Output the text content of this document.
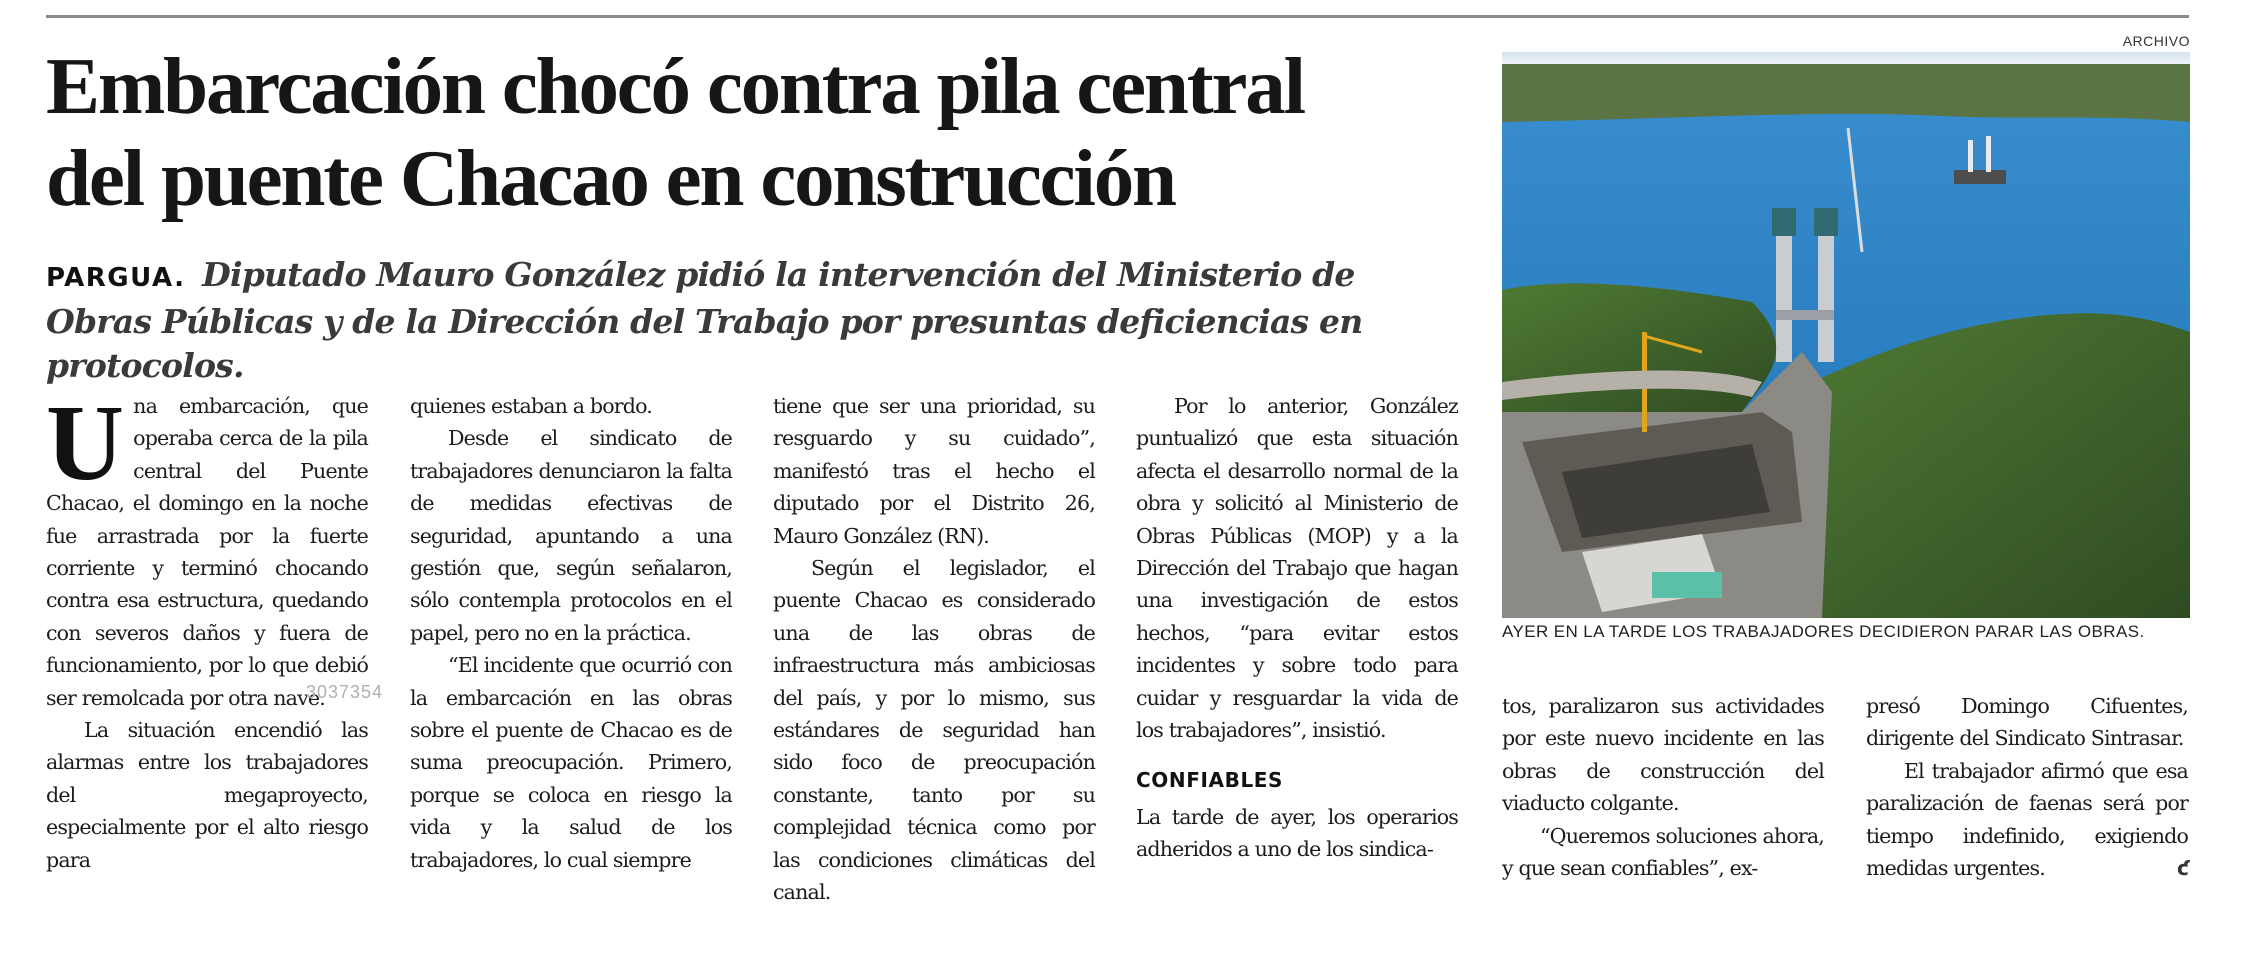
ARCHIVO
Embarcación chocó contra pila central
del puente Chacao en construcción

PARGUA. Diputado Mauro González pidió la intervención del Ministerio de Obras Públicas y de la Dirección del Trabajo por presuntas deficiencias en protocolos.

Una embarcación, que operaba cerca de la pila central del Puente Chacao, el domingo en la noche fue arrastrada por la fuerte corriente y terminó chocando contra esa estructura, quedando con severos daños y fuera de funcionamiento, por lo que debió ser remolcada por otra nave.

La situación encendió las alarmas entre los trabajadores del megaproyecto, especialmente por el alto riesgo para

quienes estaban a bordo.

Desde el sindicato de trabajadores denunciaron la falta de medidas efectivas de seguridad, apuntando a una gestión que, según señalaron, sólo contempla protocolos en el papel, pero no en la práctica.

“El incidente que ocurrió con la embarcación en las obras sobre el puente de Chacao es de suma preocupación. Primero, porque se coloca en riesgo la vida y la salud de los trabajadores, lo cual siempre

tiene que ser una prioridad, su resguardo y su cuidado”, manifestó tras el hecho el diputado por el Distrito 26, Mauro González (RN).

Según el legislador, el puente Chacao es considerado una de las obras de infraestructura más ambiciosas del país, y por lo mismo, sus estándares de seguridad han sido foco de preocupación constante, tanto por su complejidad técnica como por las condiciones climáticas del canal.

Por lo anterior, González puntualizó que esta situación afecta el desarrollo normal de la obra y solicitó al Ministerio de Obras Públicas (MOP) y a la Dirección del Trabajo que hagan una investigación de estos hechos, “para evitar estos incidentes y sobre todo para cuidar y resguardar la vida de los trabajadores”, insistió.

CONFIABLES

La tarde de ayer, los operarios adheridos a uno de los sindica-

tos, paralizaron sus actividades por este nuevo incidente en las obras de construcción del viaducto colgante.

“Queremos soluciones ahora, y que sean confiables”, ex-

presó Domingo Cifuentes, dirigente del Sindicato Sintrasar.

El trabajador afirmó que esa paralización de faenas será por tiempo indefinido, exigiendo medidas urgentes.	ƈ

AYER EN LA TARDE LOS TRABAJADORES DECIDIERON PARAR LAS OBRAS.
3037354
